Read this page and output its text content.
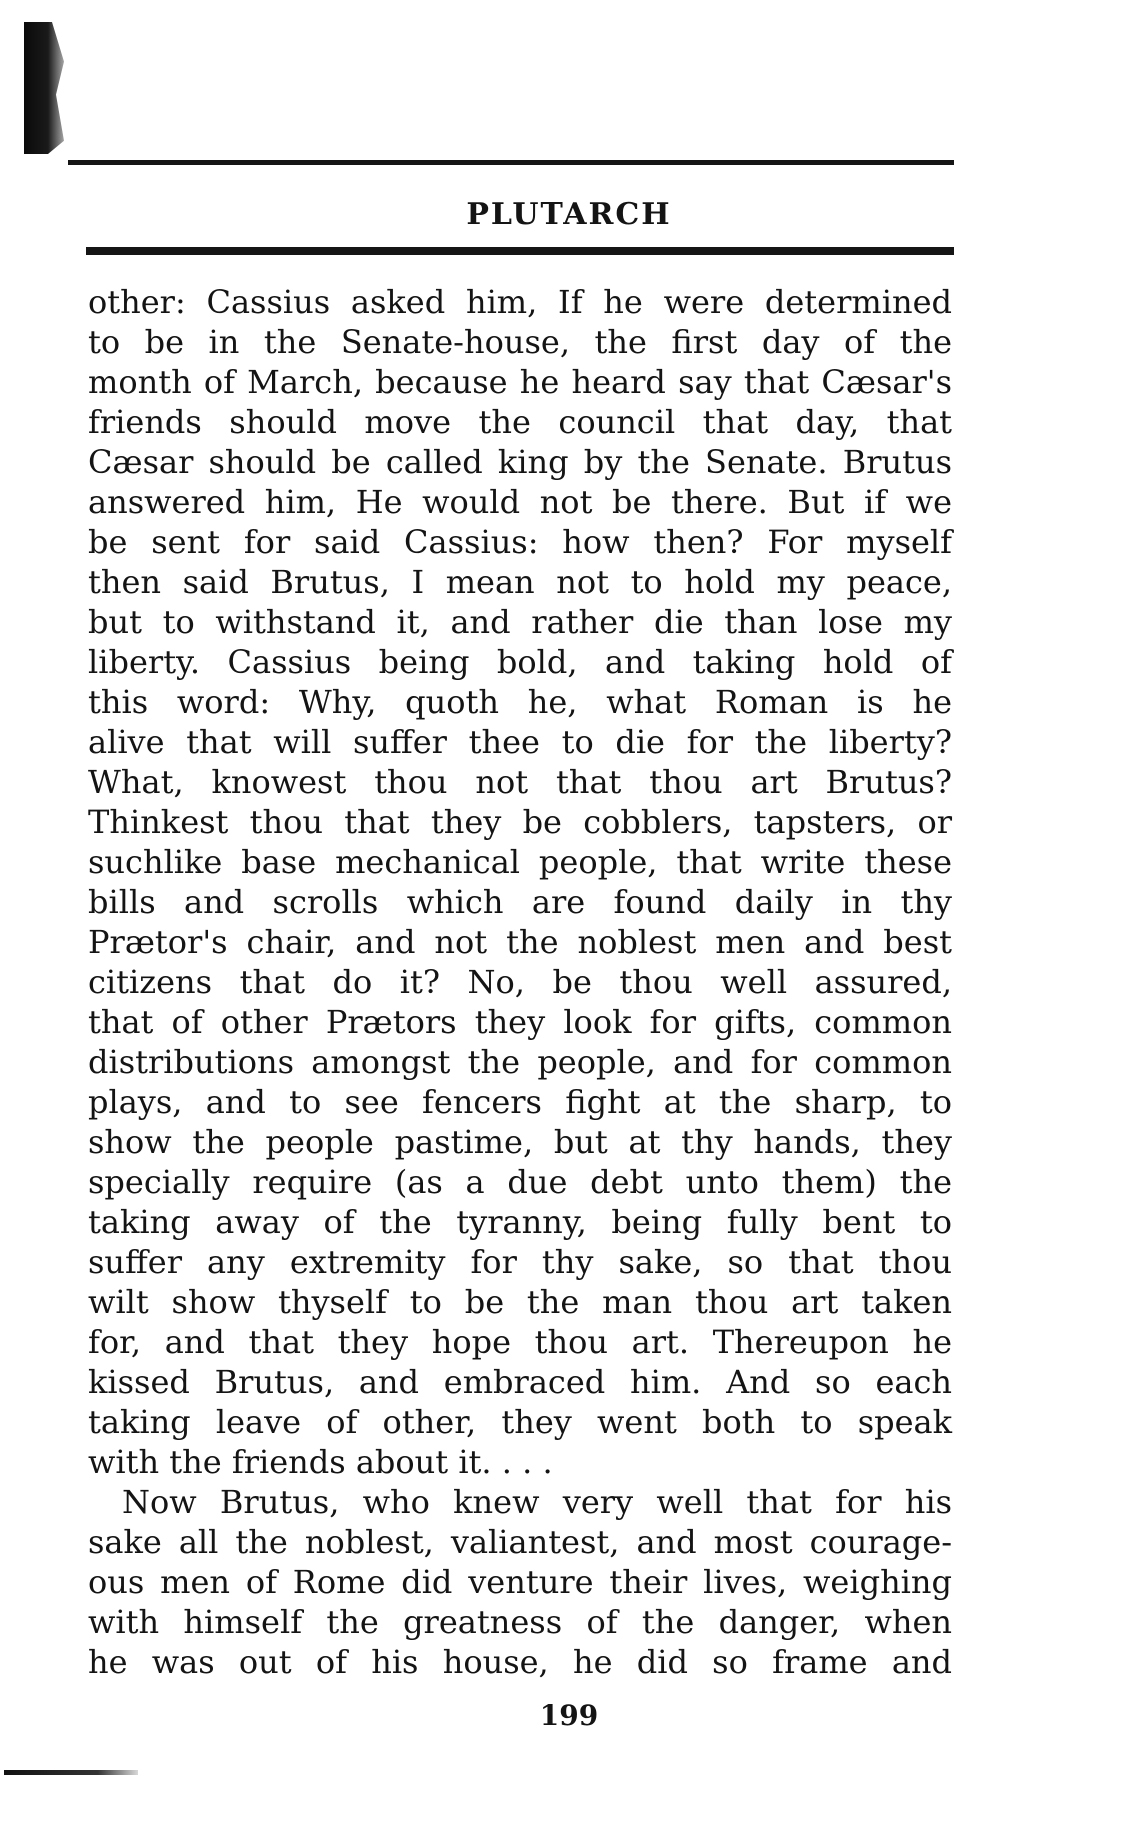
PLUTARCH
other: Cassius asked him, If he were determined
to be in the Senate-house, the first day of the
month of March, because he heard say that Cæsar's
friends should move the council that day, that
Cæsar should be called king by the Senate. Brutus
answered him, He would not be there. But if we
be sent for said Cassius: how then? For myself
then said Brutus, I mean not to hold my peace,
but to withstand it, and rather die than lose my
liberty. Cassius being bold, and taking hold of
this word: Why, quoth he, what Roman is he
alive that will suffer thee to die for the liberty?
What, knowest thou not that thou art Brutus?
Thinkest thou that they be cobblers, tapsters, or
suchlike base mechanical people, that write these
bills and scrolls which are found daily in thy
Prætor's chair, and not the noblest men and best
citizens that do it? No, be thou well assured,
that of other Prætors they look for gifts, common
distributions amongst the people, and for common
plays, and to see fencers fight at the sharp, to
show the people pastime, but at thy hands, they
specially require (as a due debt unto them) the
taking away of the tyranny, being fully bent to
suffer any extremity for thy sake, so that thou
wilt show thyself to be the man thou art taken
for, and that they hope thou art. Thereupon he
kissed Brutus, and embraced him. And so each
taking leave of other, they went both to speak
with the friends about it. . . .
Now Brutus, who knew very well that for his
sake all the noblest, valiantest, and most courage-
ous men of Rome did venture their lives, weighing
with himself the greatness of the danger, when
he was out of his house, he did so frame and
199
